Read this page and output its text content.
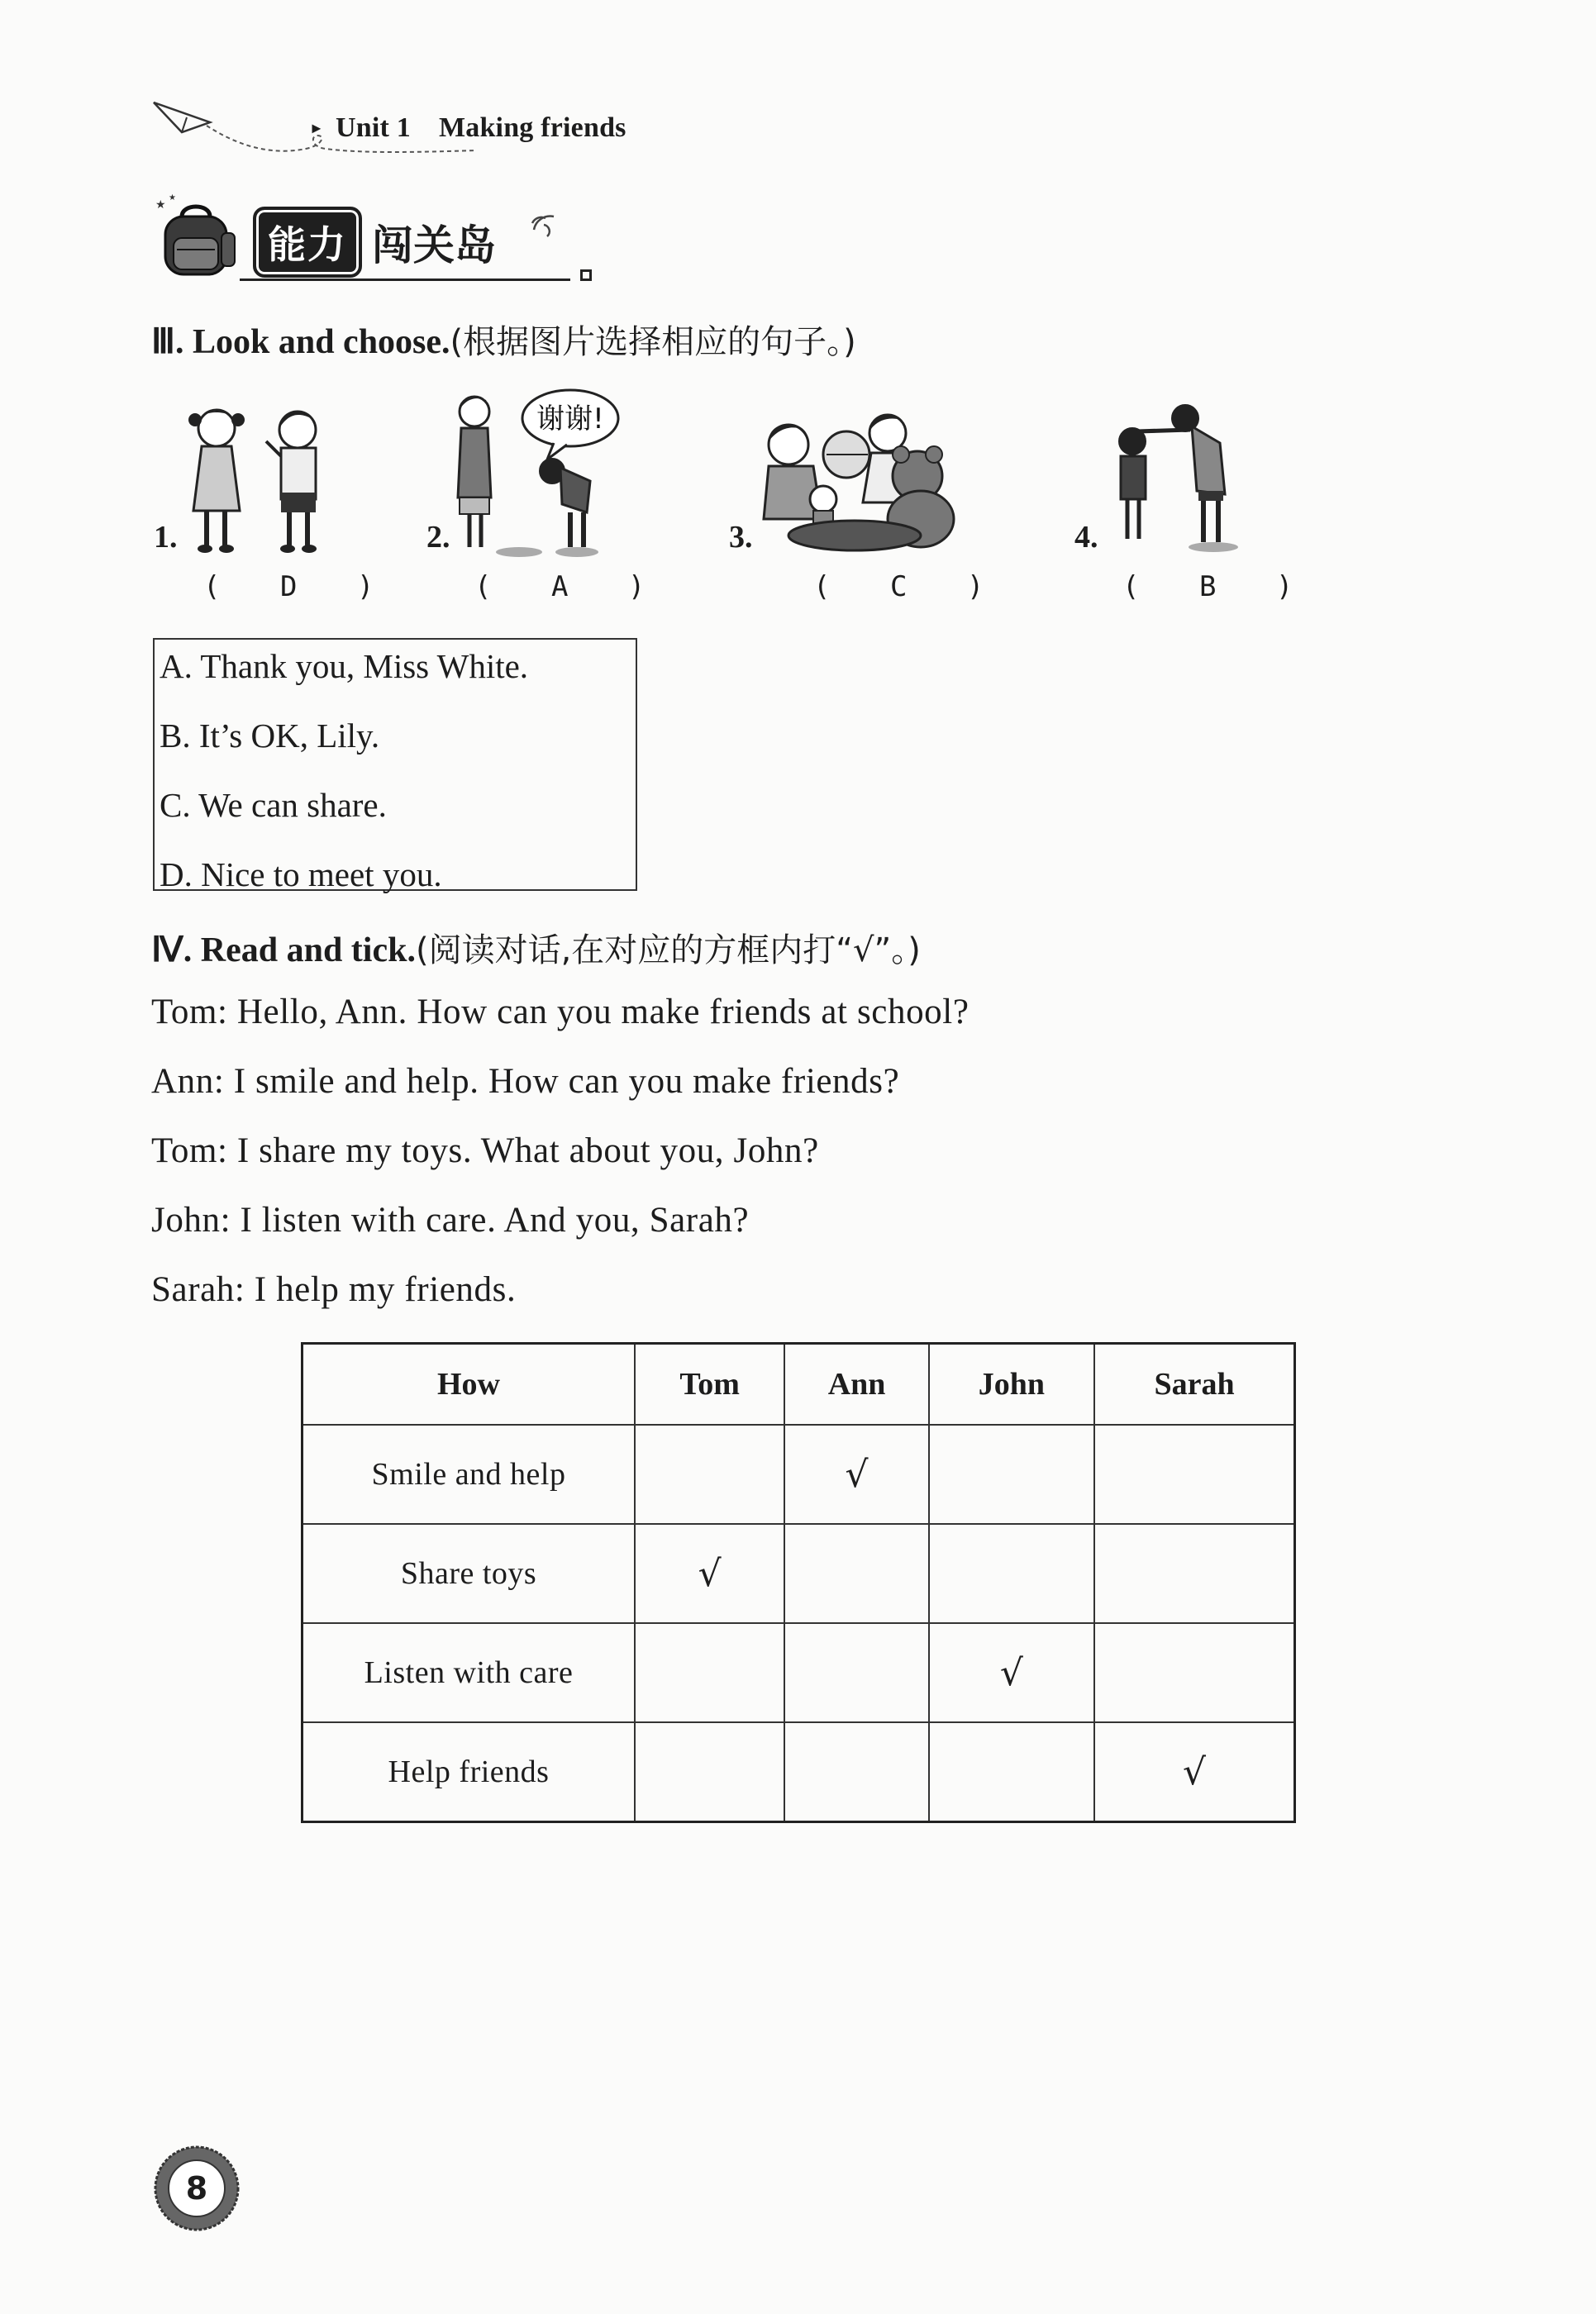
► Unit 1 Making friends
★
★
能力 闯关岛
Ⅲ. Look and choose.(根据图片选择相应的句子。)
1.
( D )
谢谢!
2.
( A )
3.
( C )
4.
( B )
A. Thank you, Miss White.
B. It’s OK, Lily.
C. We can share.
D. Nice to meet you.
Ⅳ. Read and tick.(阅读对话,在对应的方框内打“√”。)
Tom: Hello, Ann. How can you make friends at school?
Ann: I smile and help. How can you make friends?
Tom: I share my toys. What about you, John?
John: I listen with care. And you, Sarah?
Sarah: I help my friends.
How	Tom	Ann	John	Sarah
Smile and help		√		
Share toys	√			
Listen with care			√	
Help friends				√
8
